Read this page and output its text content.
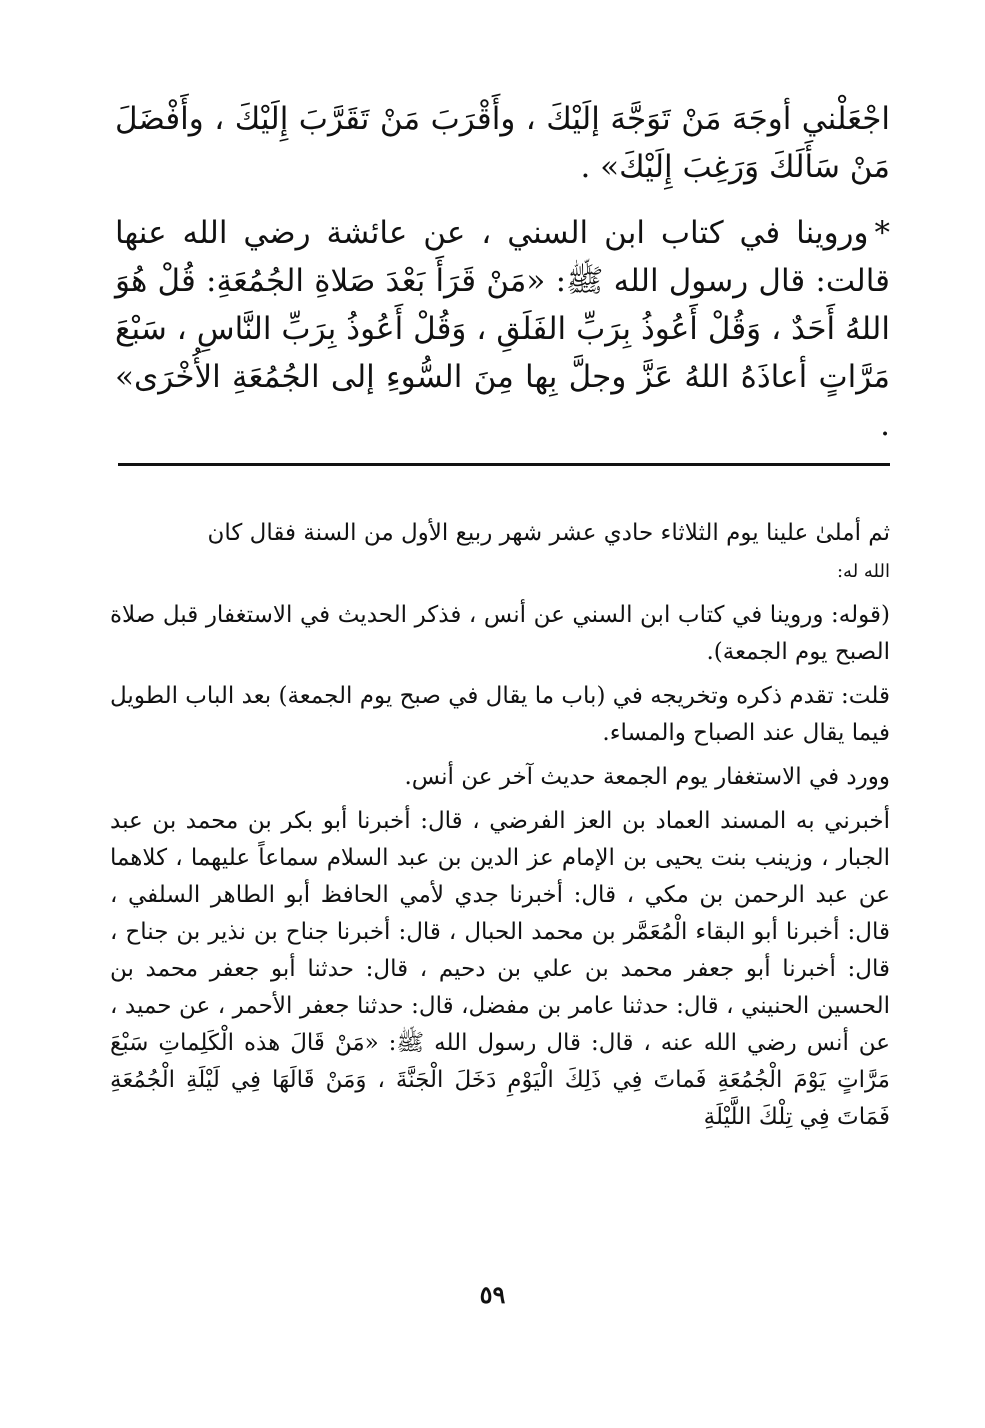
اجْعَلْني أوجَهَ مَنْ تَوَجَّهَ إلَيْكَ ، وأَقْرَبَ مَنْ تَقَرَّبَ إِلَيْكَ ، وأَفْضَلَ مَنْ سَأَلَكَ وَرَغِبَ إِلَيْكَ» .

*وروينا في كتاب ابن السني ، عن عائشة رضي الله عنها قالت: قال رسول الله ﷺ: «مَنْ قَرَأَ بَعْدَ صَلاةِ الجُمُعَةِ: قُلْ هُوَ اللهُ أَحَدٌ ، وَقُلْ أَعُوذُ بِرَبِّ الفَلَقِ ، وَقُلْ أَعُوذُ بِرَبِّ النَّاسِ ، سَبْعَ مَرَّاتٍ أعاذَهُ اللهُ عَزَّ وجلَّ بِها مِنَ السُّوءِ إلى الجُمُعَةِ الأُخْرَى» .

ثم أملىٰ علينا يوم الثلاثاء حادي عشر شهر ربيع الأول من السنة فقال كان
الله له:

(قوله: وروينا في كتاب ابن السني عن أنس ، فذكر الحديث في الاستغفار قبل صلاة الصبح يوم الجمعة).

قلت: تقدم ذكره وتخريجه في (باب ما يقال في صبح يوم الجمعة) بعد الباب الطويل فيما يقال عند الصباح والمساء.

وورد في الاستغفار يوم الجمعة حديث آخر عن أنس.

أخبرني به المسند العماد بن العز الفرضي ، قال: أخبرنا أبو بكر بن محمد بن عبد الجبار ، وزينب بنت يحيى بن الإمام عز الدين بن عبد السلام سماعاً عليهما ، كلاهما عن عبد الرحمن بن مكي ، قال: أخبرنا جدي لأمي الحافظ أبو الطاهر السلفي ، قال: أخبرنا أبو البقاء الْمُعَمَّر بن محمد الحبال ، قال: أخبرنا جناح بن نذير بن جناح ، قال: أخبرنا أبو جعفر محمد بن علي بن دحيم ، قال: حدثنا أبو جعفر محمد بن الحسين الحنيني ، قال: حدثنا عامر بن مفضل، قال: حدثنا جعفر الأحمر ، عن حميد ، عن أنس رضي الله عنه ، قال: قال رسول الله ﷺ: «مَنْ قَالَ هذه الْكَلِماتِ سَبْعَ مَرَّاتٍ يَوْمَ الْجُمُعَةِ فَماتَ فِي ذَلِكَ الْيَوْمِ دَخَلَ الْجَنَّةَ ، وَمَنْ قَالَهَا فِي لَيْلَةِ الْجُمُعَةِ فَمَاتَ فِي تِلْكَ اللَّيْلَةِ

٥٩
